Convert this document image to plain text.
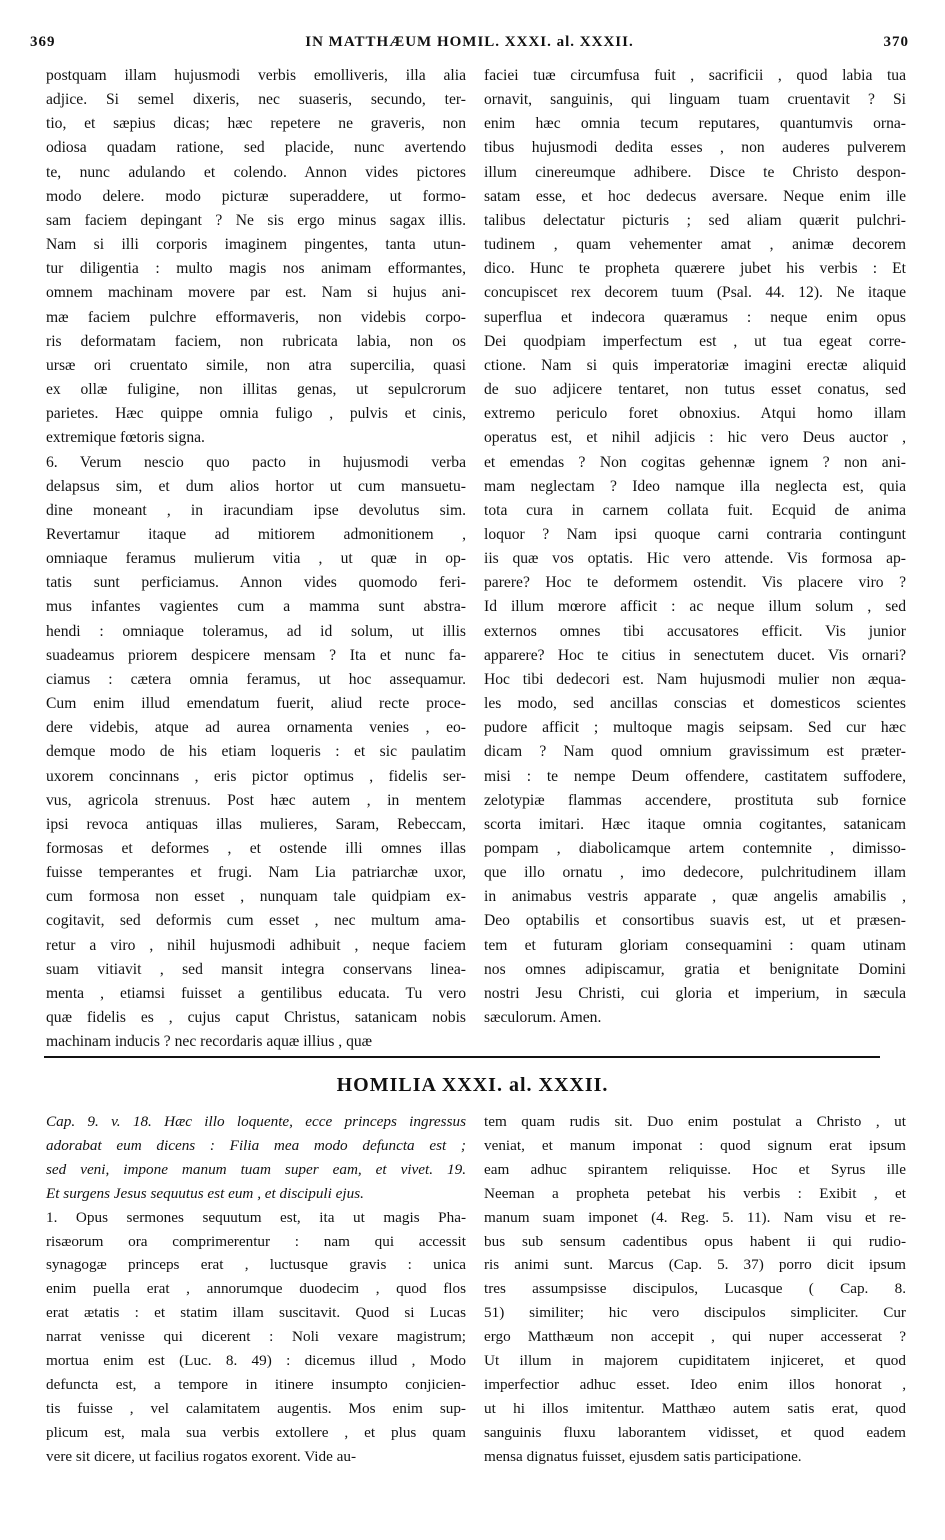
369	IN MATTHÆUM HOMIL. XXXI. al. XXXII.	370
postquam illam hujusmodi verbis emolliveris, illa alia
adjice. Si semel dixeris, nec suaseris, secundo, ter-
tio, et sæpius dicas; hæc repetere ne graveris, non
odiosa quadam ratione, sed placide, nunc avertendo
te, nunc adulando et colendo. Annon vides pictores
modo delere. modo picturæ superaddere, ut formo-
sam faciem depingant ? Ne sis ergo minus sagax illis.
Nam si illi corporis imaginem pingentes, tanta utun-
tur diligentia : multo magis nos animam efformantes,
omnem machinam movere par est. Nam si hujus ani-
mæ faciem pulchre efformaveris, non videbis corpo-
ris deformatam faciem, non rubricata labia, non os
ursæ ori cruentato simile, non atra supercilia, quasi
ex ollæ fuligine, non illitas genas, ut sepulcrorum
parietes. Hæc quippe omnia fuligo , pulvis et cinis,
extremique fœtoris signa.
6. Verum nescio quo pacto in hujusmodi verba
delapsus sim, et dum alios hortor ut cum mansuetu-
dine moneant , in iracundiam ipse devolutus sim.
Revertamur itaque ad mitiorem admonitionem ,
omniaque feramus mulierum vitia , ut quæ in op-
tatis sunt perficiamus. Annon vides quomodo feri-
mus infantes vagientes cum a mamma sunt abstra-
hendi : omniaque toleramus, ad id solum, ut illis
suadeamus priorem despicere mensam ? Ita et nunc fa-
ciamus : cætera omnia feramus, ut hoc assequamur.
Cum enim illud emendatum fuerit, aliud recte proce-
dere videbis, atque ad aurea ornamenta venies , eo-
demque modo de his etiam loqueris : et sic paulatim
uxorem concinnans , eris pictor optimus , fidelis ser-
vus, agricola strenuus. Post hæc autem , in mentem
ipsi revoca antiquas illas mulieres, Saram, Rebeccam,
formosas et deformes , et ostende illi omnes illas
fuisse temperantes et frugi. Nam Lia patriarchæ uxor,
cum formosa non esset , nunquam tale quidpiam ex-
cogitavit, sed deformis cum esset , nec multum ama-
retur a viro , nihil hujusmodi adhibuit , neque faciem
suam vitiavit , sed mansit integra conservans linea-
menta , etiamsi fuisset a gentilibus educata. Tu vero
quæ fidelis es , cujus caput Christus, satanicam nobis
machinam inducis ? nec recordaris aquæ illius , quæ
faciei tuæ circumfusa fuit , sacrificii , quod labia tua
ornavit, sanguinis, qui linguam tuam cruentavit ? Si
enim hæc omnia tecum reputares, quantumvis orna-
tibus hujusmodi dedita esses , non auderes pulverem
illum cinereumque adhibere. Disce te Christo despon-
satam esse, et hoc dedecus aversare. Neque enim ille
talibus delectatur picturis ; sed aliam quærit pulchri-
tudinem , quam vehementer amat , animæ decorem
dico. Hunc te propheta quærere jubet his verbis : Et
concupiscet rex decorem tuum (Psal. 44. 12). Ne itaque
superflua et indecora quæramus : neque enim opus
Dei quodpiam imperfectum est , ut tua egeat corre-
ctione. Nam si quis imperatoriæ imagini erectæ aliquid
de suo adjicere tentaret, non tutus esset conatus, sed
extremo periculo foret obnoxius. Atqui homo illam
operatus est, et nihil adjicis : hic vero Deus auctor ,
et emendas ? Non cogitas gehennæ ignem ? non ani-
mam neglectam ? Ideo namque illa neglecta est, quia
tota cura in carnem collata fuit. Ecquid de anima
loquor ? Nam ipsi quoque carni contraria contingunt
iis quæ vos optatis. Hic vero attende. Vis formosa ap-
parere? Hoc te deformem ostendit. Vis placere viro ?
Id illum mœrore afficit : ac neque illum solum , sed
externos omnes tibi accusatores efficit. Vis junior
apparere? Hoc te citius in senectutem ducet. Vis ornari?
Hoc tibi dedecori est. Nam hujusmodi mulier non æqua-
les modo, sed ancillas conscias et domesticos scientes
pudore afficit ; multoque magis seipsam. Sed cur hæc
dicam ? Nam quod omnium gravissimum est præter-
misi : te nempe Deum offendere, castitatem suffodere,
zelotypiæ flammas accendere, prostituta sub fornice
scorta imitari. Hæc itaque omnia cogitantes, satanicam
pompam , diabolicamque artem contemnite , dimisso-
que illo ornatu , imo dedecore, pulchritudinem illam
in animabus vestris apparate , quæ angelis amabilis ,
Deo optabilis et consortibus suavis est, ut et præsen-
tem et futuram gloriam consequamini : quam utinam
nos omnes adipiscamur, gratia et benignitate Domini
nostri Jesu Christi, cui gloria et imperium, in sæcula
sæculorum. Amen.
HOMILIA XXXI. al. XXXII.
Cap. 9. v. 18. Hæc illo loquente, ecce princeps ingressus
adorabat eum dicens : Filia mea modo defuncta est ;
sed veni, impone manum tuam super eam, et vivet. 19.
Et surgens Jesus sequutus est eum , et discipuli ejus.
1. Opus sermones sequutum est, ita ut magis Pha-
risæorum ora comprimerentur : nam qui accessit
synagogæ princeps erat , luctusque gravis : unica
enim puella erat , annorumque duodecim , quod flos
erat ætatis : et statim illam suscitavit. Quod si Lucas
narrat venisse qui dicerent : Noli vexare magistrum;
mortua enim est (Luc. 8. 49) : dicemus illud , Modo
defuncta est, a tempore in itinere insumpto conjicien-
tis fuisse , vel calamitatem augentis. Mos enim sup-
plicum est, mala sua verbis extollere , et plus quam
vere sit dicere, ut facilius rogatos exorent. Vide au-
tem quam rudis sit. Duo enim postulat a Christo , ut
veniat, et manum imponat : quod signum erat ipsum
eam adhuc spirantem reliquisse. Hoc et Syrus ille
Neeman a propheta petebat his verbis : Exibit , et
manum suam imponet (4. Reg. 5. 11). Nam visu et re-
bus sub sensum cadentibus opus habent ii qui rudio-
ris animi sunt. Marcus (Cap. 5. 37) porro dicit ipsum
tres assumpsisse discipulos, Lucasque ( Cap. 8.
51) similiter; hic vero discipulos simpliciter. Cur
ergo Matthæum non accepit , qui nuper accesserat ?
Ut illum in majorem cupiditatem injiceret, et quod
imperfectior adhuc esset. Ideo enim illos honorat ,
ut hi illos imitentur. Matthæo autem satis erat, quod
sanguinis fluxu laborantem vidisset, et quod eadem
mensa dignatus fuisset, ejusdem satis participatione.
